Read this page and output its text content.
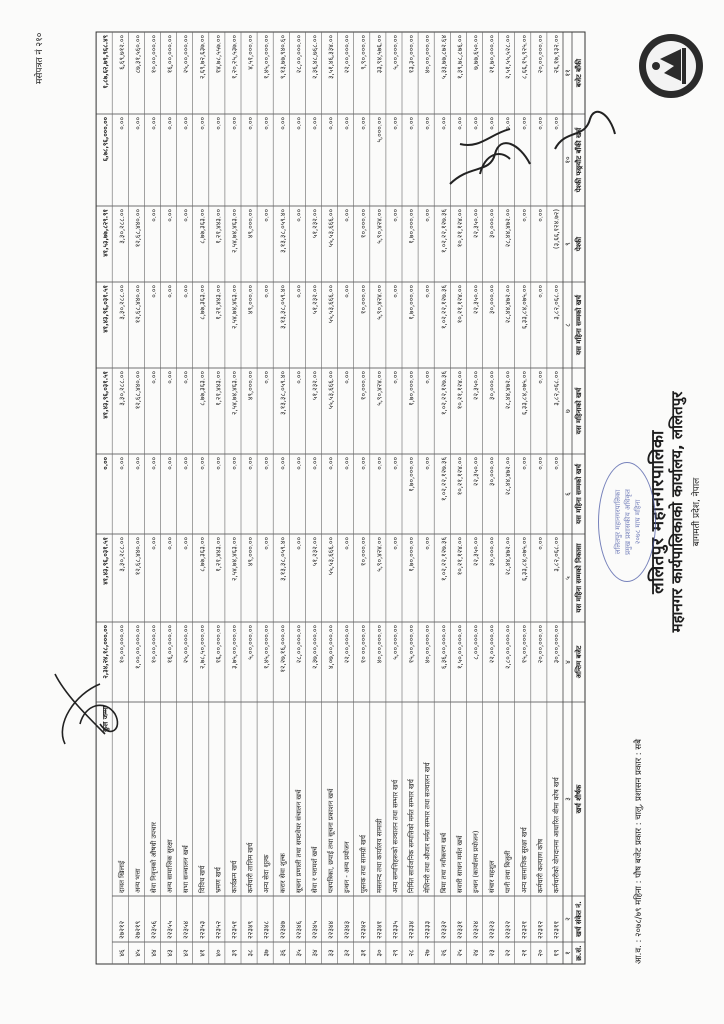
ललितपुर महानगरपालिका महानगर कार्यपालिकाको कार्यालय, ललितपुर बागमती प्रदेश, नेपाल
मसेपत्रत नं २१०
आ.व. : २०७८/७९ महिना : पौष बजेट प्रकार : चालु, प्रशासन प्रकार : सबै
ललितपुर महानगरपालिका प्रमुख प्रशासकीय अधिकृत २०७८ माघ महिना
क्र.सं.
१
खर्च संकेत नं.
२
खर्च शीर्षक
३
अन्तिम बजेट
४
यस महिना सम्मको निकासा
५
यस महिना सम्मको खर्च
६
यस महिनाको खर्च
७
यस महिना सम्मको खर्च
८
पेश्की
९
पेश्की फछ्र्यौट बाँकी खर्च
१०
बजेट बाँकी
११
१९
२२३११
कर्मचारीको योगदानमा आधारित बीमा कोष खर्च
३०,००,०००.००
३,८२,०६८.००
०.००
३,८२,०६८.००
३,८२,०६८.००
(३,६६,१२४.७२)
०.००
२६,१७,९३२.००
२०
२२३१२
कर्मचारी कल्याण कोष
२०,००,०००.००
०.००
०.००
०.००
०.००
०.००
०.००
२०,००,०००.००
२१
२२३२१
अन्य सामाजिक सुरक्षा खर्च
१५,००,०००.००
६,३३,८४,०७५.००
०.००
६,३३,८४,०७५.००
६,३३,८४,०७५.००
०.००
०.००
८,६६,१५,९२५.००
२२
२२३२२
पानी तथा बिजुली
२,८०,००,०००.००
२८,४४,४७२.००
२८,४४,४७२.००
२८,४४,४७२.००
२८,४४,४७२.००
२८,४४,४७२.००
०.००
२,५१,५५,५२८.००
२३
२२३२३
संचार महशुल
२२,००,०००.००
३०,०००.००
३०,०००.००
३०,०००.००
३०,०००.००
३०,०००.००
०.००
२१,७०,०००.००
२४
२२३२४
इन्धन (कार्यालय प्रयोजन)
८,००,०००.००
२२,३५०.००
२२,३५०.००
२२,३५०.००
२२,३५०.००
२२,३५०.००
०.००
७,७७,६५०.००
२५
२२३३१
सवारी साधन मर्मत खर्च
१,५०,००,०००.००
१०,२१,१२४.००
१०,२१,१२४.००
१०,२१,१२४.००
१०,२१,१२४.००
१०,२१,१२४.००
०.००
१,३९,७८,८७६.००
२६
२२३३२
बिमा तथा नवीकरण खर्च
६,३६,००,०००.००
१,०२,२२,१२७.३६
१,०२,२२,१२७.३६
१,०२,२२,१२७.३६
१,०२,२२,१२७.३६
१,०२,२२,१२७.३६
०.००
५,३३,७७,८७२.६४
२७
२२३३३
मेशिनरी तथा औजार मर्मत सम्भार तथा सञ्चालन खर्च
४०,००,०००.००
०.००
०.००
०.००
०.००
०.००
०.००
४०,००,०००.००
२८
२२३३४
निर्मित सार्वजनिक सम्पत्तिको मर्मत सम्भार खर्च
१५,००,०००.००
१,७०,०००.००
१,७०,०००.००
१,७०,०००.००
१,७०,०००.००
१,७०,०००.००
०.००
१३,३०,०००.००
२९
२२३३५
अन्य सम्पत्तिहरूको सञ्चालन तथा सम्भार खर्च
५,००,०००.००
०.००
०.००
०.००
०.००
०.००
०.००
५,००,०००.००
३०
२२३४१
मसलन्द तथा कार्यालय सामाग्री
४०,००,०००.००
५,९०,४२४.००
०.००
५,९०,४२४.००
५,९०,४२४.००
५,९०,४२४.००
५,०००.००
३३,९४,५७६.००
३१
२२३४२
पुस्तक तथा सामग्री खर्च
१० ००,०००.००
१०,०००.००
०.००
१०,०००.००
१०,०००.००
१०,०००.००
०.००
९,९०,०००.००
३२
२२३४३
इन्धन - अन्य प्रयोजन
२२,००,०००.००
०.००
०.००
०.००
०.००
०.००
०.००
२२,००,०००.००
३३
२२३४४
पत्रपत्रिका, छपाई तथा सूचना प्रकाशन खर्च
४,०७,००,०००.००
५५,५३,६६६.००
०.००
५५,५३,६६६.००
५५,५३,६६६.००
५५,५३,६६६.००
०.००
३,५१,४६,३३४.००
३४
२२३४५
सेवा र परामर्श खर्च
२,३७,००,०००.००
५१,२३२.००
०.००
५१,२३२.००
५१,२३२.००
५१,२३२.००
०.००
२,३६,४८,७६८.००
३५
२२३४६
सूचना प्रणाली तथा सफ्टवेयर संचालन खर्च
२८,००,०००.००
०.००
०.००
०.००
०.००
०.००
०.००
२८,००,०००.००
३६
२२३४७
करार सेवा शुल्क
१२,२७,१६,०००.००
३,१३,३८,०५९.४०
०.००
३,१३,३८,०५९.४०
३,१३,३८,०५९.४०
३,१३,३८,०५९.४०
०.००
९,१३,७७,९४०.६०
३७
२२३४८
अन्य सेवा शुल्क
१,४५,००,०००.००
०.००
०.००
०.००
०.००
०.००
०.००
१,४५,००,०००.००
३८
२२३४९
कर्मचारी तालिम खर्च
५,००,०००.००
४९,०००.००
०.००
४९,०००.००
४९,०००.००
४९,०००.००
०.००
४,५१,०००.००
३९
२२३५१
कार्यक्रम खर्च
३,७५,००,०००.००
२,५४,७४,४६३.००
०.००
२,५४,७४,४६३.००
२,५४,७४,४६३.००
२,५४,७४,४६३.००
०.००
१,२०,२५,५३७.००
४०
२२३५२
भ्रमण खर्च
१६,००,०००.००
१,२१,४४३.००
०.००
१,२१,४४३.००
१,२१,४४३.००
१,२१,४४३.००
०.००
१४,७८,५५७.००
४१
२२३५३
विविध खर्च
२,७८,५०,०००.००
८,७७,३६३.००
०.००
८,७७,३६३.००
८,७७,३६३.००
८,७७,३६३.००
०.००
२,६९,७२,६३७.००
४२
२२३५४
सभा सञ्चालन खर्च
२५,००,०००.००
०.००
०.००
०.००
०.००
०.००
०.००
२५,००,०००.००
४३
२२३५५
अन्य सामाजिक सुरक्षा
१६,००,०००.००
०.००
०.००
०.००
०.००
०.००
०.००
१६,००,०००.००
४४
२२३५६
सेवा निवृत्तको औषधी उपचार
१०,००,०००.००
०.००
०.००
०.००
०.००
०.००
०.००
१०,००,०००.००
४५
२७२१९
अन्य भत्ता
१,००,००,०००.००
१२,६८,४४०.००
०.००
१२,६८,४४०.००
१२,६८,४४०.००
१२,६८,४४०.००
०.००
८७,३१,५६०.००
४६
२७२१२
दावत खिलाई
१०,००,०००.००
३,३०,२८८.००
०.००
३,३०,२८८.००
३,३०,२८८.००
३,३०,२८८.००
०.००
६,६९,७१२.००
कुल जम्मा
२,३४,२४,१८,०००.००
४१,४३,९६,०३१.५१
०.००
४१,४३,९६,०३१.५१
४१,४३,९६,०३१.५१
४१,५३,७७,८२९.९१
६,७८,९६,०००.००
१,८७,६२,७९,९६८.४९
